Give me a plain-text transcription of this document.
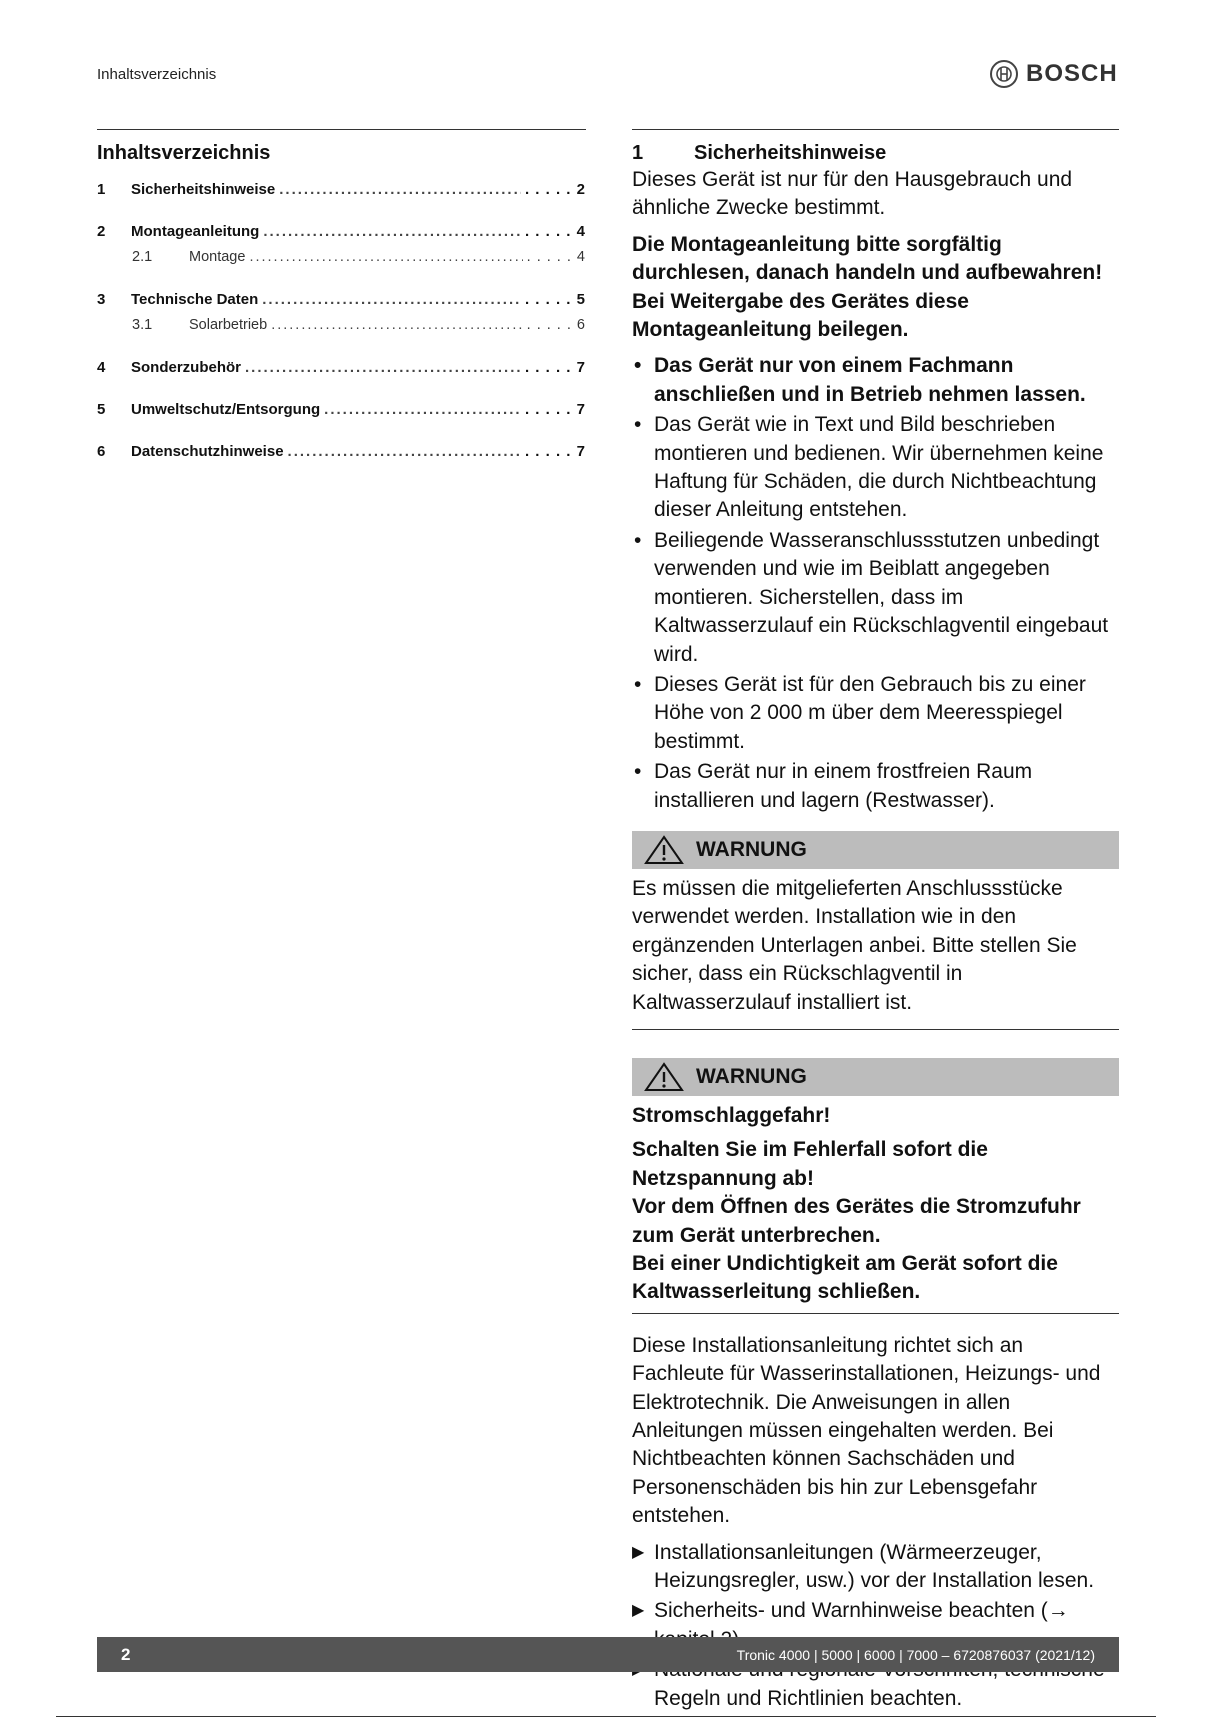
Inhaltsverzeichnis	BOSCH
Inhaltsverzeichnis
1	Sicherheitshinweise .....	. . . . . 2
2	Montageanleitung .....	. . . . . 4
2.1	Montage .....	. . . . . 4
3	Technische Daten .....	. . . . . 5
3.1	Solarbetrieb .....	. . . . . 6
4	Sonderzubehör .....	. . . . . 7
5	Umweltschutz/Entsorgung .....	. . . . . 7
6	Datenschutzhinweise .....	. . . . . 7
1	Sicherheitshinweise

Dieses Gerät ist nur für den Hausgebrauch und ähnliche Zwecke bestimmt.

Die Montageanleitung bitte sorgfältig durchlesen, danach handeln und aufbewahren! Bei Weitergabe des Gerätes diese Montageanleitung beilegen.

• Das Gerät nur von einem Fachmann anschließen und in Betrieb nehmen lassen.
• Das Gerät wie in Text und Bild beschrieben montieren und bedienen. Wir übernehmen keine Haftung für Schäden, die durch Nichtbeachtung dieser Anleitung entstehen.
• Beiliegende Wasseranschlussstutzen unbedingt verwenden und wie im Beiblatt angegeben montieren. Sicherstellen, dass im Kaltwasserzulauf ein Rückschlagventil eingebaut wird.
• Dieses Gerät ist für den Gebrauch bis zu einer Höhe von 2 000 m über dem Meeresspiegel bestimmt.
• Das Gerät nur in einem frostfreien Raum installieren und lagern (Restwasser).
WARNUNG

Es müssen die mitgelieferten Anschlussstücke verwendet werden. Installation wie in den ergänzenden Unterlagen anbei. Bitte stellen Sie sicher, dass ein Rückschlagventil in Kaltwasserzulauf installiert ist.

WARNUNG

Stromschlaggefahr!

Schalten Sie im Fehlerfall sofort die Netzspannung ab!
Vor dem Öffnen des Gerätes die Stromzufuhr zum Gerät unterbrechen.
Bei einer Undichtigkeit am Gerät sofort die Kaltwasserleitung schließen.

Diese Installationsanleitung richtet sich an Fachleute für Wasserinstallationen, Heizungs- und Elektrotechnik. Die Anweisungen in allen Anleitungen müssen eingehalten werden. Bei Nichtbeachten können Sachschäden und Personenschäden bis hin zur Lebensgefahr entstehen.

▶ Installationsanleitungen (Wärmeerzeuger, Heizungsregler, usw.) vor der Installation lesen.
▶ Sicherheits- und Warnhinweise beachten (→
Regeln und Richtlinien beachten.
2	Tronic 4000 | 5000 | 6000 | 7000 – 6720876037 (2021/12)
